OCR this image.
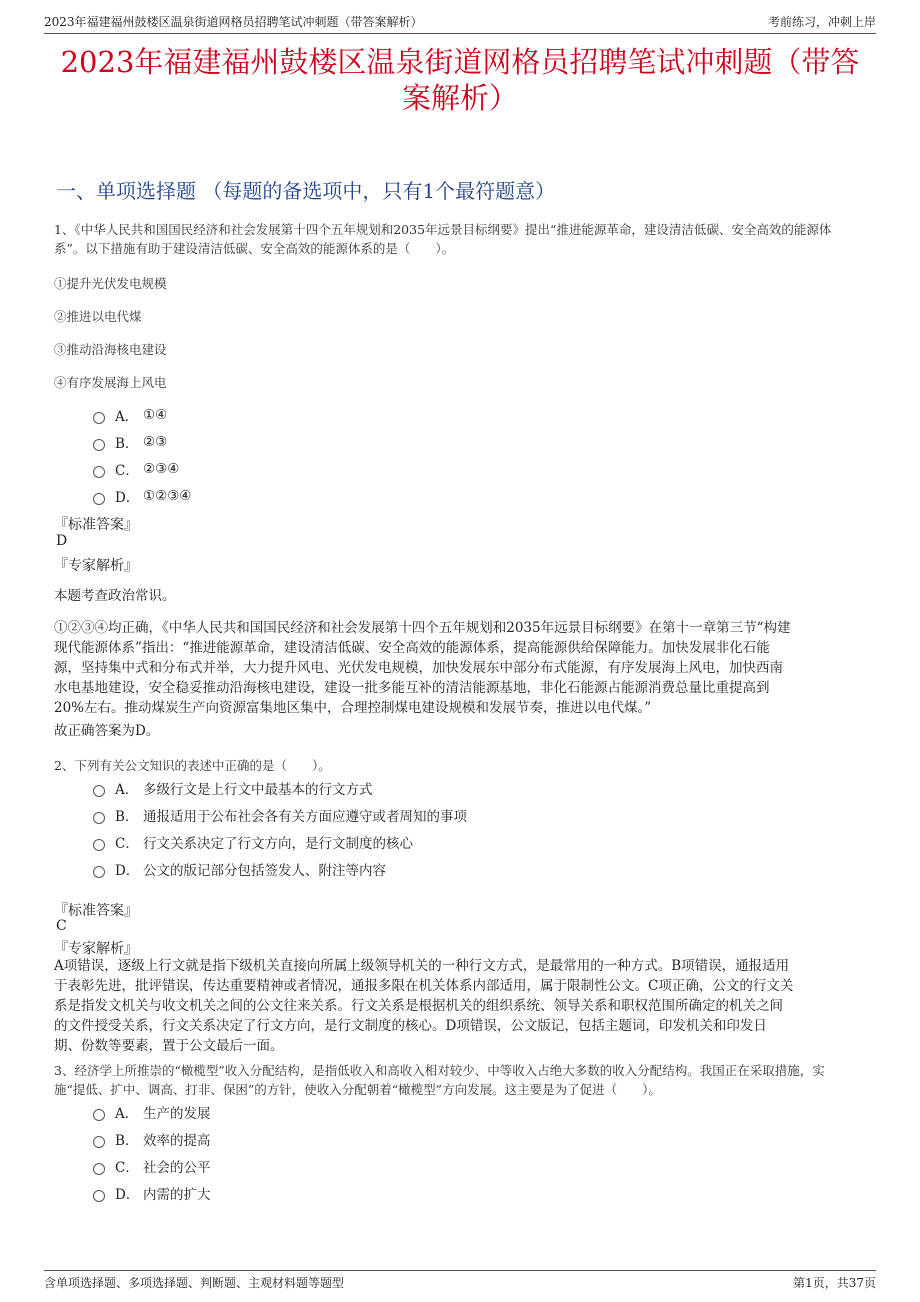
2023年福建福州鼓楼区温泉街道网格员招聘笔试冲刺题（带答案解析）	考前练习，冲刺上岸
2023年福建福州鼓楼区温泉街道网格员招聘笔试冲刺题（带答
案解析）
一、单项选择题 （每题的备选项中，只有1个最符题意）
1、《中华人民共和国国民经济和社会发展第十四个五年规划和2035年远景目标纲要》提出“推进能源革命，建设清洁低碳、安全高效的能源体
系”。以下措施有助于建设清洁低碳、安全高效的能源体系的是（　　）。
①提升光伏发电规模
②推进以电代煤
③推动沿海核电建设
④有序发展海上风电
A． ①④
B． ②③
C． ②③④
D． ①②③④
『标准答案』
D
『专家解析』
本题考查政治常识。

①②③④均正确，《中华人民共和国国民经济和社会发展第十四个五年规划和2035年远景目标纲要》在第十一章第三节“构建

现代能源体系”指出：“推进能源革命，建设清洁低碳、安全高效的能源体系，提高能源供给保障能力。加快发展非化石能

源，坚持集中式和分布式并举，大力提升风电、光伏发电规模，加快发展东中部分布式能源，有序发展海上风电，加快西南

水电基地建设，安全稳妥推动沿海核电建设，建设一批多能互补的清洁能源基地，非化石能源占能源消费总量比重提高到

20%左右。推动煤炭生产向资源富集地区集中，合理控制煤电建设规模和发展节奏，推进以电代煤。”

故正确答案为D。
2、下列有关公文知识的表述中正确的是（　　）。
A． 多级行文是上行文中最基本的行文方式
B． 通报适用于公布社会各有关方面应遵守或者周知的事项
C． 行文关系决定了行文方向，是行文制度的核心
D． 公文的版记部分包括签发人、附注等内容
『标准答案』
C
『专家解析』

A项错误，逐级上行文就是指下级机关直接向所属上级领导机关的一种行文方式，是最常用的一种方式。B项错误，通报适用

于表彰先进，批评错误，传达重要精神或者情况，通报多限在机关体系内部适用，属于限制性公文。C项正确，公文的行文关

系是指发文机关与收文机关之间的公文往来关系。行文关系是根据机关的组织系统、领导关系和职权范围所确定的机关之间

的文件授受关系，行文关系决定了行文方向，是行文制度的核心。D项错误，公文版记，包括主题词，印发机关和印发日

期、份数等要素，置于公文最后一面。

3、经济学上所推崇的“橄榄型”收入分配结构，是指低收入和高收入相对较少、中等收入占绝大多数的收入分配结构。我国正在采取措施，实
施“提低、扩中、调高、打非、保困”的方针，使收入分配朝着“橄榄型”方向发展。这主要是为了促进（　　）。
A． 生产的发展
B． 效率的提高
C． 社会的公平
D． 内需的扩大
含单项选择题、多项选择题、判断题、主观材料题等题型	第1页，共37页
